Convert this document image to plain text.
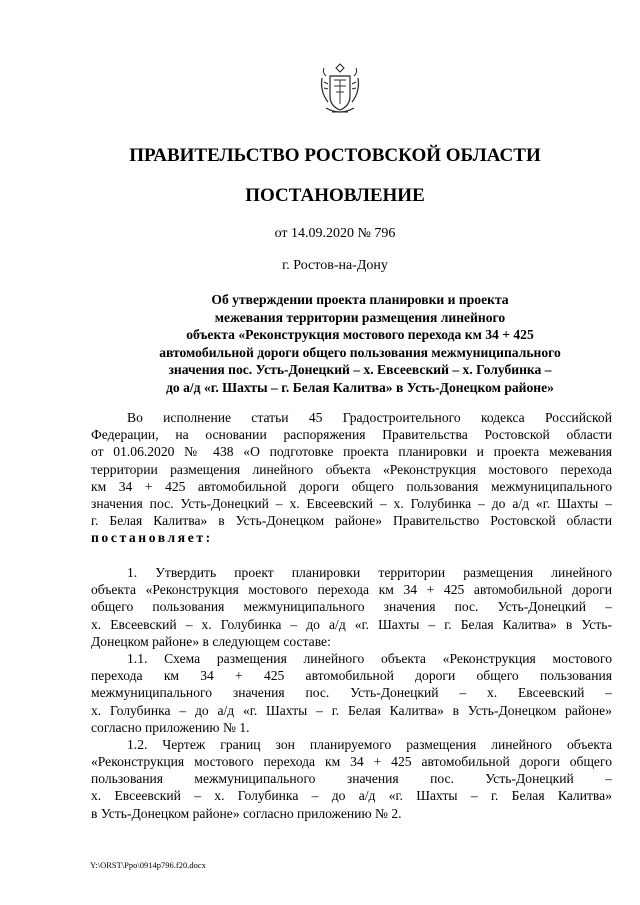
ПРАВИТЕЛЬСТВО РОСТОВСКОЙ ОБЛАСТИ
ПОСТАНОВЛЕНИЕ
от 14.09.2020 № 796
г. Ростов-на-Дону
Об утверждении проекта планировки и проекта
межевания территории размещения линейного
объекта «Реконструкция мостового перехода км 34 + 425
автомобильной дороги общего пользования межмуниципального
значения пос. Усть-Донецкий – х. Евсеевский – х. Голубинка –
до а/д «г. Шахты – г. Белая Калитва» в Усть-Донецком районе»
Во исполнение статьи 45 Градостроительного кодекса Российской
Федерации, на основании распоряжения Правительства Ростовской области
от 01.06.2020 № 438 «О подготовке проекта планировки и проекта межевания
территории размещения линейного объекта «Реконструкция мостового перехода
км 34 + 425 автомобильной дороги общего пользования межмуниципального
значения пос. Усть-Донецкий – х. Евсеевский – х. Голубинка – до а/д «г. Шахты –
г. Белая Калитва» в Усть-Донецком районе» Правительство Ростовской области
постановляет:
1. Утвердить проект планировки территории размещения линейного
объекта «Реконструкция мостового перехода км 34 + 425 автомобильной дороги
общего пользования межмуниципального значения пос. Усть-Донецкий –
х. Евсеевский – х. Голубинка – до а/д «г. Шахты – г. Белая Калитва» в Усть-
Донецком районе» в следующем составе:
1.1. Схема размещения линейного объекта «Реконструкция мостового
перехода км 34 + 425 автомобильной дороги общего пользования
межмуниципального значения пос. Усть-Донецкий – х. Евсеевский –
х. Голубинка – до а/д «г. Шахты – г. Белая Калитва» в Усть-Донецком районе»
согласно приложению № 1.
1.2. Чертеж границ зон планируемого размещения линейного объекта
«Реконструкция мостового перехода км 34 + 425 автомобильной дороги общего
пользования межмуниципального значения пос. Усть-Донецкий –
х. Евсеевский – х. Голубинка – до а/д «г. Шахты – г. Белая Калитва»
в Усть-Донецком районе» согласно приложению № 2.
Y:\ORST\Ppo\0914p796.f20.docx
